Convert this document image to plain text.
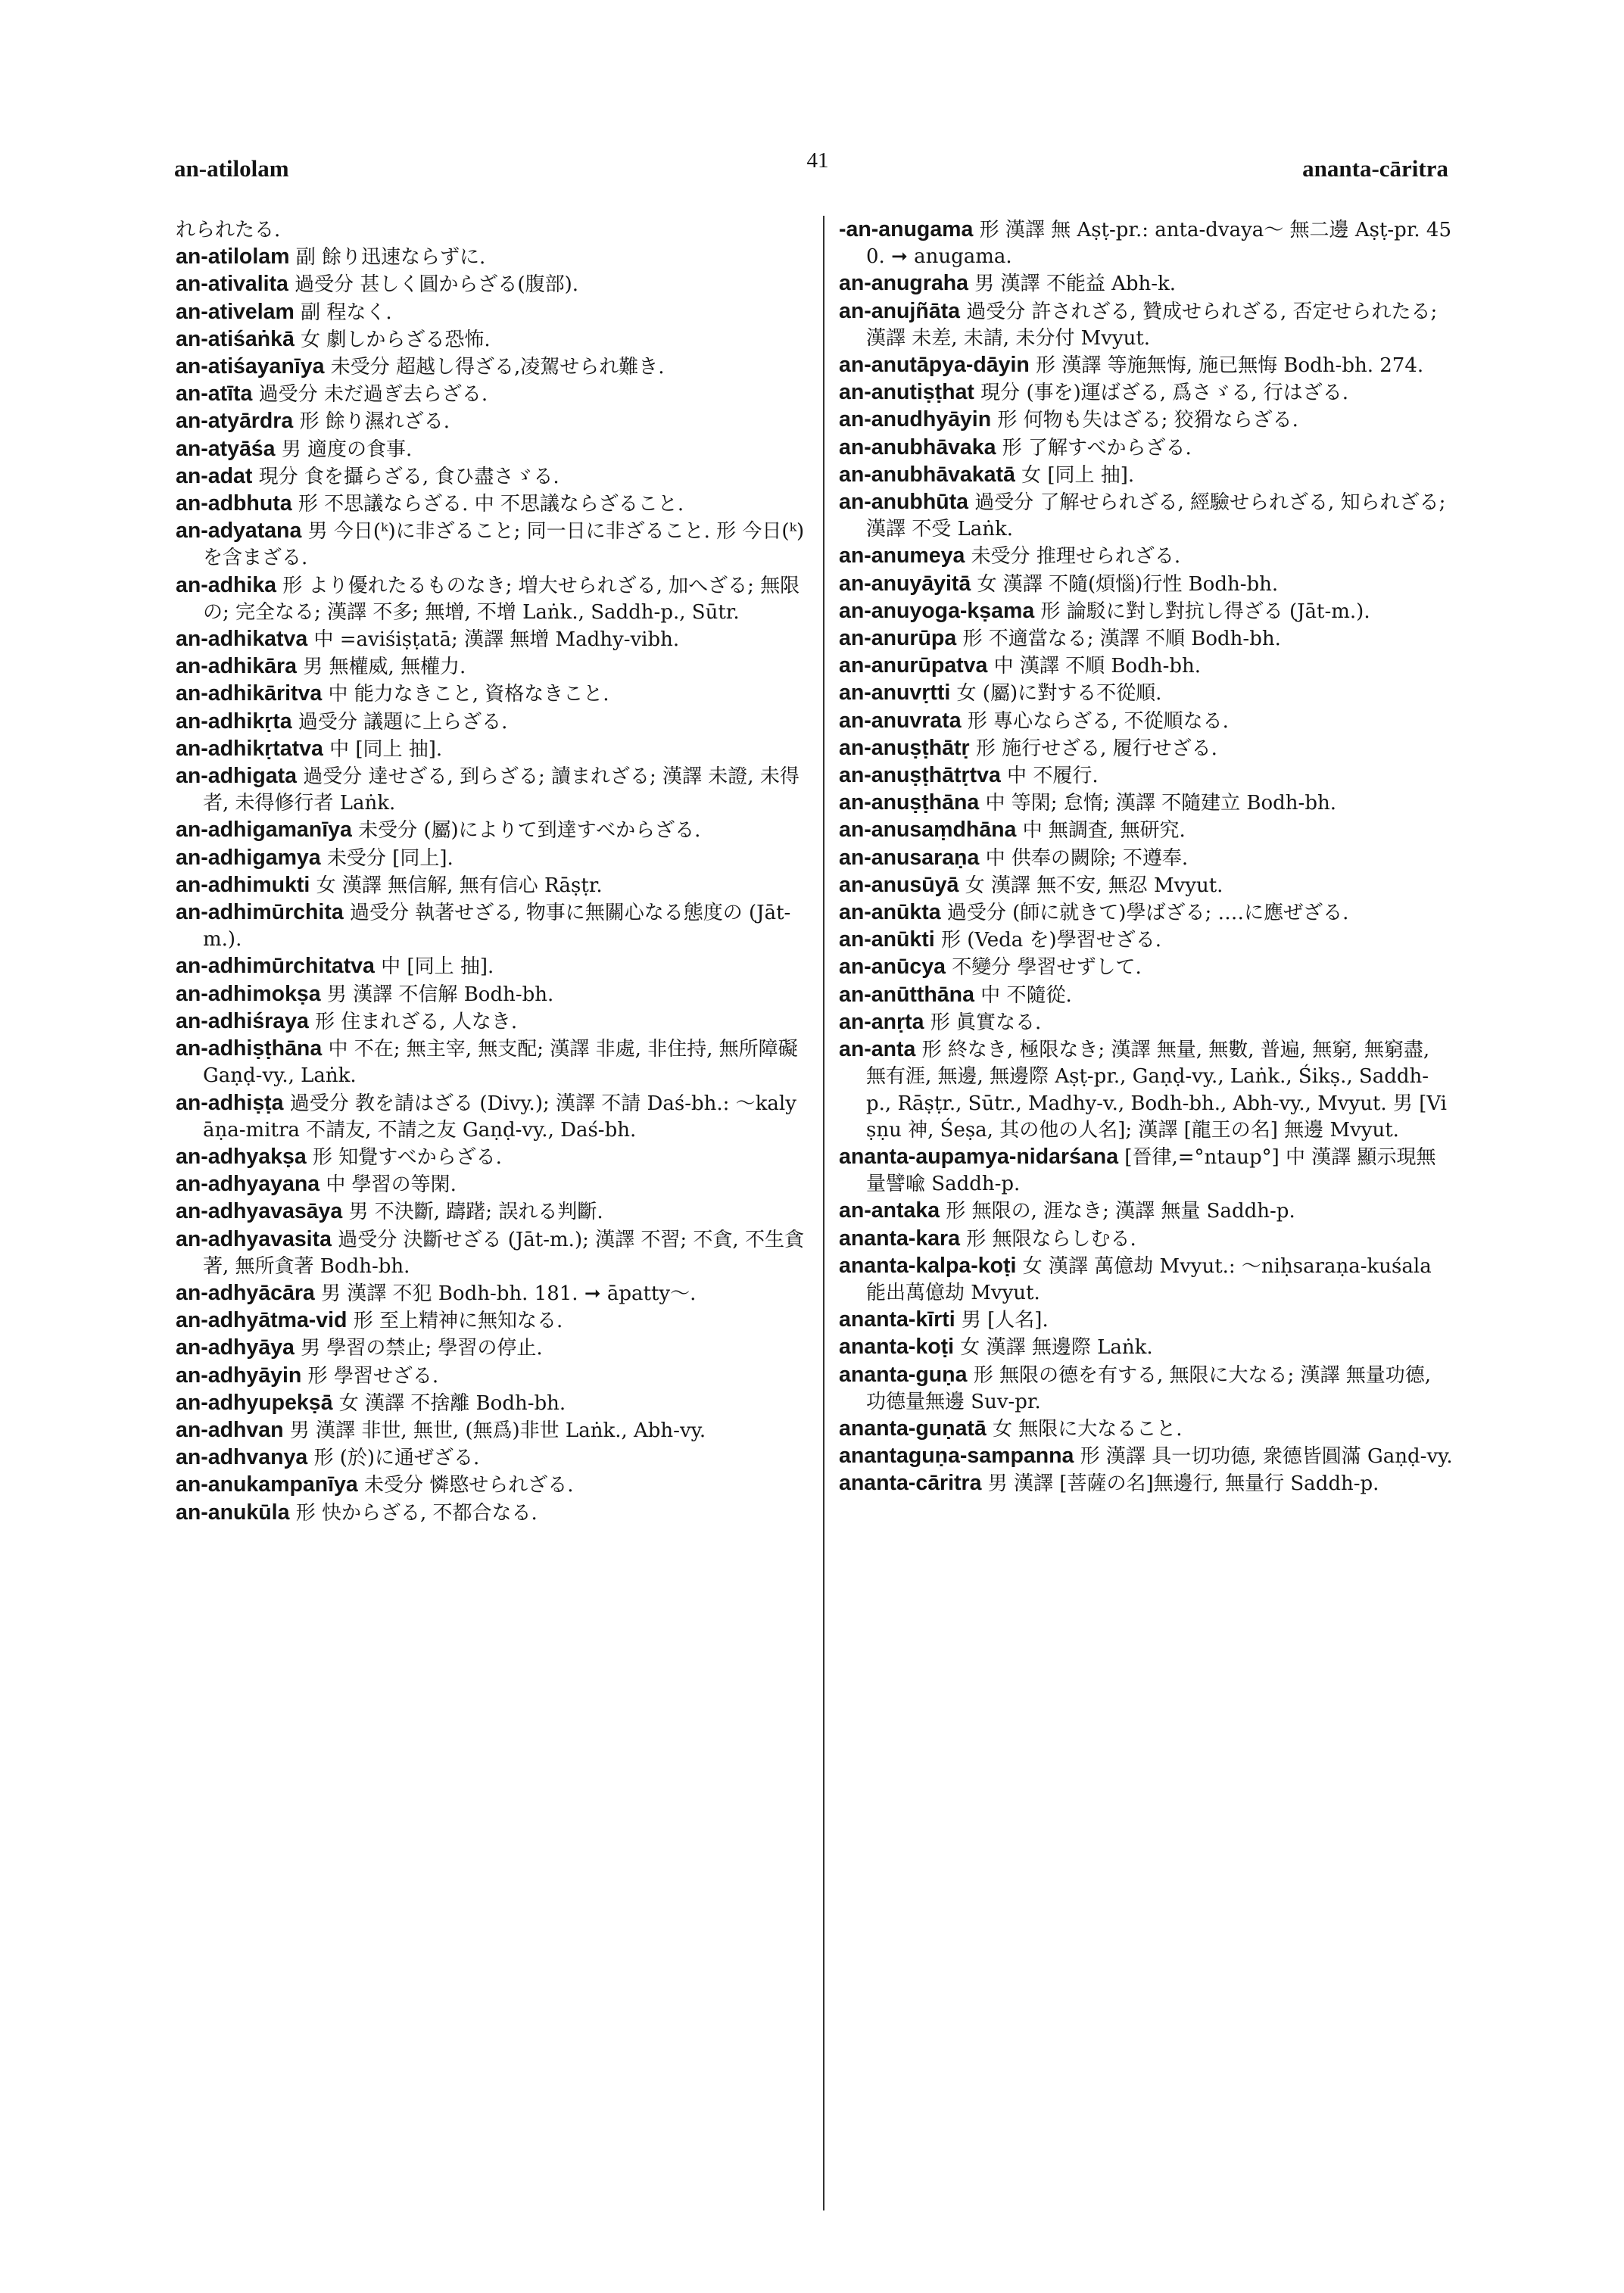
an-atilolam	41	ananta-cāritra
れられたる.
an-atilolam 副 餘り迅速ならずに.
an-ativalita 過受分 甚しく圓からざる(腹部).
an-ativelam 副 程なく.
an-atiśaṅkā 女 劇しからざる恐怖.
an-atiśayanīya 未受分 超越し得ざる,凌駕せられ難き.
an-atīta 過受分 未だ過ぎ去らざる.
an-atyārdra 形 餘り濕れざる.
an-atyāśa 男 適度の食事.
an-adat 現分 食を攝らざる, 食ひ盡さゞる.
an-adbhuta 形 不思議ならざる. 中 不思議ならざること.
an-adyatana 男 今日(ᵏ)に非ざること; 同一日に非ざること. 形 今日(ᵏ)を含まざる.
an-adhika 形 より優れたるものなき; 増大せられざる, 加へざる; 無限の; 完全なる; 漢譯 不多; 無增, 不增 Laṅk., Saddh-p., Sūtr.
an-adhikatva 中 =aviśiṣṭatā; 漢譯 無增 Madhy-vibh.
an-adhikāra 男 無權威, 無權力.
an-adhikāritva 中 能力なきこと, 資格なきこと.
an-adhikṛta 過受分 議題に上らざる.
an-adhikṛtatva 中 [同上 抽].
an-adhigata 過受分 達せざる, 到らざる; 讀まれざる; 漢譯 未證, 未得者, 未得修行者 Laṅk.
an-adhigamanīya 未受分 (屬)によりて到達すべからざる.
an-adhigamya 未受分 [同上].
an-adhimukti 女 漢譯 無信解, 無有信心 Rāṣṭr.
an-adhimūrchita 過受分 執著せざる, 物事に無關心なる態度の (Jāt-m.).
an-adhimūrchitatva 中 [同上 抽].
an-adhimokṣa 男 漢譯 不信解 Bodh-bh.
an-adhiśraya 形 住まれざる, 人なき.
an-adhiṣṭhāna 中 不在; 無主宰, 無支配; 漢譯 非處, 非住持, 無所障礙 Gaṇḍ-vy., Laṅk.
an-adhiṣṭa 過受分 教を請はざる (Divy.); 漢譯 不請 Daś-bh.: ～kalyāṇa-mitra 不請友, 不請之友 Gaṇḍ-vy., Daś-bh.
an-adhyakṣa 形 知覺すべからざる.
an-adhyayana 中 學習の等閑.
an-adhyavasāya 男 不決斷, 躊躇; 誤れる判斷.
an-adhyavasita 過受分 決斷せざる (Jāt-m.); 漢譯 不習; 不貪, 不生貪著, 無所貪著 Bodh-bh.
an-adhyācāra 男 漢譯 不犯 Bodh-bh. 181. ➞ āpatty～.
an-adhyātma-vid 形 至上精神に無知なる.
an-adhyāya 男 學習の禁止; 學習の停止.
an-adhyāyin 形 學習せざる.
an-adhyupekṣā 女 漢譯 不捨離 Bodh-bh.
an-adhvan 男 漢譯 非世, 無世, (無爲)非世 Laṅk., Abh-vy.
an-adhvanya 形 (於)に通ぜざる.
an-anukampanīya 未受分 憐愍せられざる.
an-anukūla 形 快からざる, 不都合なる.
-an-anugama 形 漢譯 無 Aṣṭ-pr.: anta-dvaya～ 無二邊 Aṣṭ-pr. 450. ➞ anugama.
an-anugraha 男 漢譯 不能益 Abh-k.
an-anujñāta 過受分 許されざる, 贊成せられざる, 否定せられたる; 漢譯 未差, 未請, 未分付 Mvyut.
an-anutāpya-dāyin 形 漢譯 等施無悔, 施已無悔 Bodh-bh. 274.
an-anutiṣṭhat 現分 (事を)運ばざる, 爲さゞる, 行はざる.
an-anudhyāyin 形 何物も失はざる; 狡猾ならざる.
an-anubhāvaka 形 了解すべからざる.
an-anubhāvakatā 女 [同上 抽].
an-anubhūta 過受分 了解せられざる, 經驗せられざる, 知られざる; 漢譯 不受 Laṅk.
an-anumeya 未受分 推理せられざる.
an-anuyāyitā 女 漢譯 不隨(煩惱)行性 Bodh-bh.
an-anuyoga-kṣama 形 論駁に對し對抗し得ざる (Jāt-m.).
an-anurūpa 形 不適當なる; 漢譯 不順 Bodh-bh.
an-anurūpatva 中 漢譯 不順 Bodh-bh.
an-anuvṛtti 女 (屬)に對する不從順.
an-anuvrata 形 專心ならざる, 不從順なる.
an-anuṣṭhātṛ 形 施行せざる, 履行せざる.
an-anuṣṭhātṛtva 中 不履行.
an-anuṣṭhāna 中 等閑; 怠惰; 漢譯 不隨建立 Bodh-bh.
an-anusaṃdhāna 中 無調査, 無研究.
an-anusaraṇa 中 供奉の闕除; 不遵奉.
an-anusūyā 女 漢譯 無不安, 無忍 Mvyut.
an-anūkta 過受分 (師に就きて)學ばざる; ‥‥に應ぜざる.
an-anūkti 形 (Veda を)學習せざる.
an-anūcya 不變分 學習せずして.
an-anūtthāna 中 不隨從.
an-anṛta 形 眞實なる.
an-anta 形 終なき, 極限なき; 漢譯 無量, 無數, 普遍, 無窮, 無窮盡, 無有涯, 無邊, 無邊際 Aṣṭ-pr., Gaṇḍ-vy., Laṅk., Śikṣ., Saddh-p., Rāṣṭr., Sūtr., Madhy-v., Bodh-bh., Abh-vy., Mvyut. 男 [Viṣṇu 神, Śeṣa, 其の他の人名]; 漢譯 [龍王の名] 無邊 Mvyut.
ananta-aupamya-nidarśana [晉律,=°ntaup°] 中 漢譯 顯示現無量譬喩 Saddh-p.
an-antaka 形 無限の, 涯なき; 漢譯 無量 Saddh-p.
ananta-kara 形 無限ならしむる.
ananta-kalpa-koṭi 女 漢譯 萬億劫 Mvyut.: ～niḥsaraṇa-kuśala 能出萬億劫 Mvyut.
ananta-kīrti 男 [人名].
ananta-koṭi 女 漢譯 無邊際 Laṅk.
ananta-guṇa 形 無限の德を有する, 無限に大なる; 漢譯 無量功德, 功德量無邊 Suv-pr.
ananta-guṇatā 女 無限に大なること.
anantaguṇa-sampanna 形 漢譯 具一切功德, 衆德皆圓滿 Gaṇḍ-vy.
ananta-cāritra 男 漢譯 [菩薩の名]無邊行, 無量行 Saddh-p.
